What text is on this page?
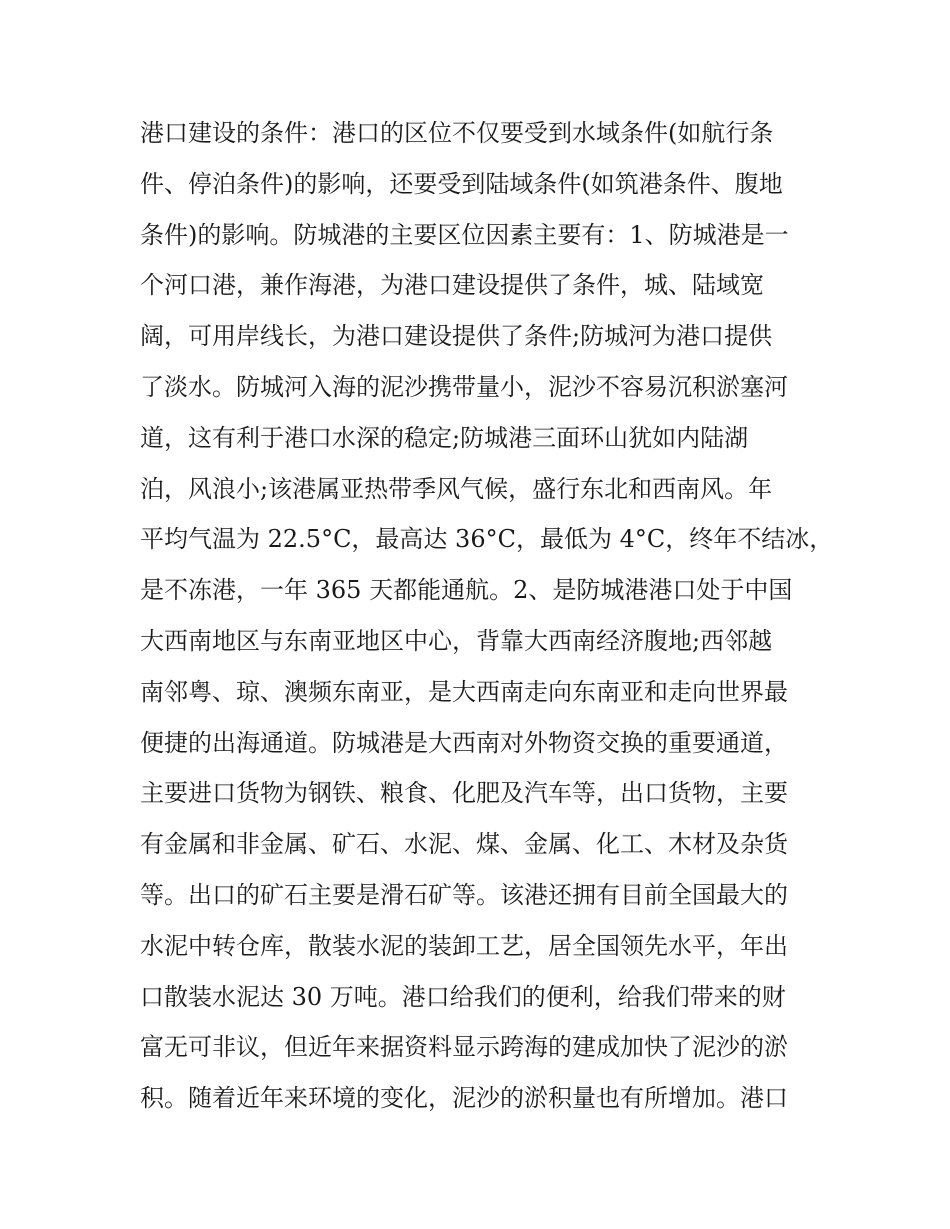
港口建设的条件：港口的区位不仅要受到水域条件(如航行条
件、停泊条件)的影响，还要受到陆域条件(如筑港条件、腹地
条件)的影响。防城港的主要区位因素主要有：1、防城港是一
个河口港，兼作海港，为港口建设提供了条件，城、陆域宽
阔，可用岸线长，为港口建设提供了条件;防城河为港口提供
了淡水。防城河入海的泥沙携带量小，泥沙不容易沉积淤塞河
道，这有利于港口水深的稳定;防城港三面环山犹如内陆湖
泊，风浪小;该港属亚热带季风气候，盛行东北和西南风。年
平均气温为 22.5°C，最高达 36°C，最低为 4°C，终年不结冰，
是不冻港，一年 365 天都能通航。2、是防城港港口处于中国
大西南地区与东南亚地区中心，背靠大西南经济腹地;西邻越
南邻粤、琼、澳频东南亚，是大西南走向东南亚和走向世界最
便捷的出海通道。防城港是大西南对外物资交换的重要通道，
主要进口货物为钢铁、粮食、化肥及汽车等，出口货物，主要
有金属和非金属、矿石、水泥、煤、金属、化工、木材及杂货
等。出口的矿石主要是滑石矿等。该港还拥有目前全国最大的
水泥中转仓库，散装水泥的装卸工艺，居全国领先水平，年出
口散装水泥达 30 万吨。港口给我们的便利，给我们带来的财
富无可非议，但近年来据资料显示跨海的建成加快了泥沙的淤
积。随着近年来环境的变化，泥沙的淤积量也有所增加。港口
